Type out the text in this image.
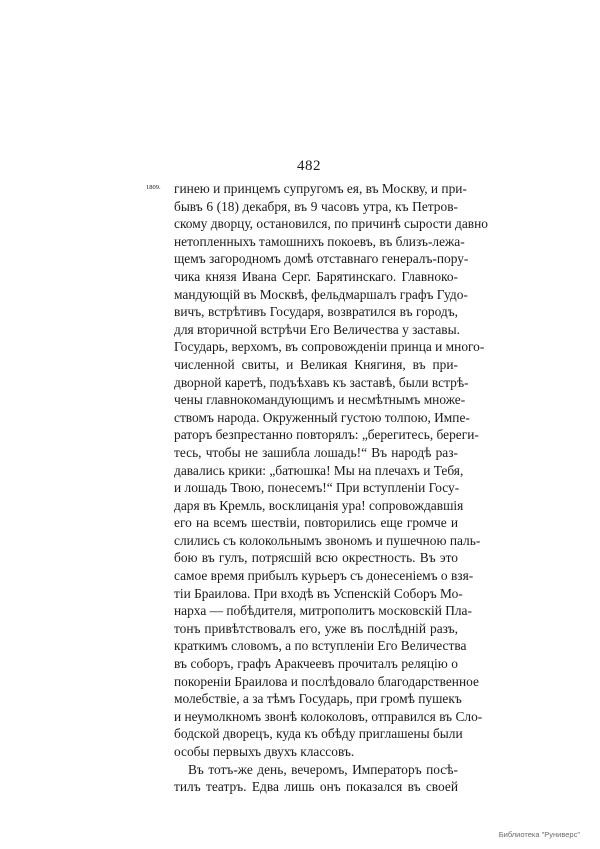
482
1809. гинею и принцемъ супругомъ ея, въ Москву, и при-
бывъ 6 (18) декабря, въ 9 часовъ утра, къ Петров-
скому дворцу, остановился, по причинѣ сырости давно
нетопленныхъ тамошнихъ покоевъ, въ близъ-лежа-
щемъ загородномъ домѣ отставнаго генералъ-пору-
чика князя Ивана Серг. Барятинскаго. Главноко-
мандующій въ Москвѣ, фельдмаршалъ графъ Гудо-
вичъ, встрѣтивъ Государя, возвратился въ городъ,
для вторичной встрѣчи Его Величества у заставы.
Государь, верхомъ, въ сопровожденіи принца и много-
численной свиты, и Великая Княгиня, въ при-
дворной каретѣ, подъѣхавъ къ заставѣ, были встрѣ-
чены главнокомандующимъ и несмѣтнымъ множе-
ствомъ народа. Окруженный густою толпою, Импе-
раторъ безпрестанно повторялъ: „берегитесь, береги-
тесь, чтобы не зашибла лошадь!“ Въ народѣ раз-
давались крики: „батюшка! Мы на плечахъ и Тебя,
и лошадь Твою, понесемъ!“ При вступленіи Госу-
даря въ Кремль, восклицанія ура! сопровождавшія
его на всемъ шествіи, повторились еще громче и
слились съ колокольнымъ звономъ и пушечною паль-
бою въ гулъ, потрясшій всю окрестность. Въ это
самое время прибылъ курьеръ съ донесеніемъ о взя-
тіи Браилова. При входѣ въ Успенскій Соборъ Мо-
нарха — побѣдителя, митрополитъ московскій Пла-
тонъ привѣтствовалъ его, уже въ послѣдній разъ,
краткимъ словомъ, а по вступленіи Его Величества
въ соборъ, графъ Аракчеевъ прочиталъ реляцію о
покореніи Браилова и послѣдовало благодарственное
молебствіе, а за тѣмъ Государь, при громѣ пушекъ
и неумолкномъ звонѣ колоколовъ, отправился въ Сло-
бодской дворецъ, куда къ обѣду приглашены были
особы первыхъ двухъ классовъ.
Въ тотъ-же день, вечеромъ, Императоръ посѣ-
тилъ театръ. Едва лишь онъ показался въ своей
Библиотека "Руниверс"
